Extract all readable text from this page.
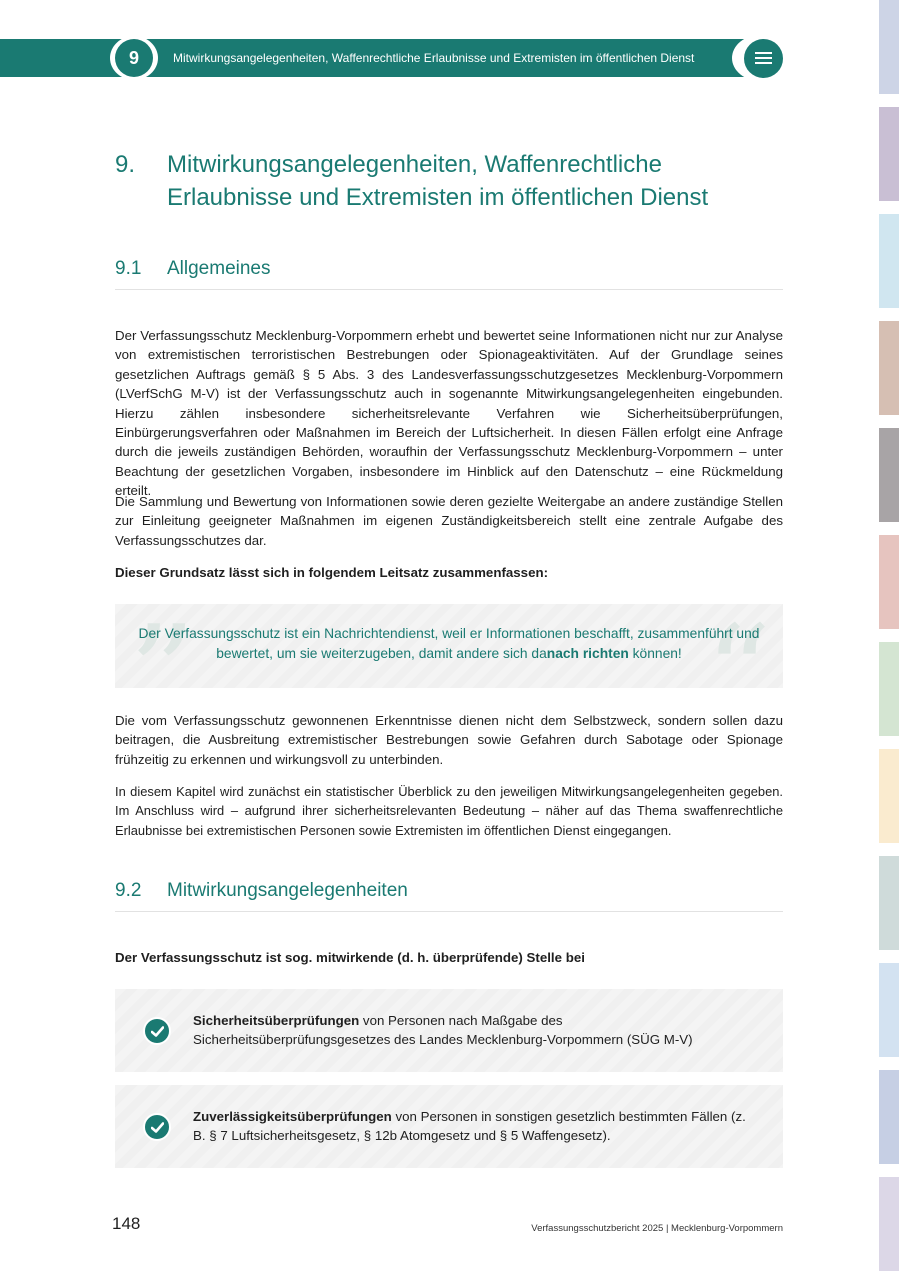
9	Mitwirkungsangelegenheiten, Waffenrechtliche Erlaubnisse und Extremisten im öffentlichen Dienst
9. Mitwirkungsangelegenheiten, Waffenrechtliche Erlaubnisse und Extremisten im öffentlichen Dienst
9.1 Allgemeines
Der Verfassungsschutz Mecklenburg-Vorpommern erhebt und bewertet seine Informationen nicht nur zur Analyse von extremistischen terroristischen Bestrebungen oder Spionageaktivitäten. Auf der Grundlage seines gesetzlichen Auftrags gemäß § 5 Abs. 3 des Landesverfassungsschutzgesetzes Mecklenburg-Vorpommern (LVerfSchG M-V) ist der Verfassungsschutz auch in sogenannte Mitwirkungsangelegenheiten eingebunden. Hierzu zählen insbesondere sicherheitsrelevante Verfahren wie Sicherheitsüberprüfungen, Einbürgerungsverfahren oder Maßnahmen im Bereich der Luftsicherheit. In diesen Fällen erfolgt eine Anfrage durch die jeweils zuständigen Behörden, woraufhin der Verfassungsschutz Mecklenburg-Vorpommern – unter Beachtung der gesetzlichen Vorgaben, insbesondere im Hinblick auf den Datenschutz – eine Rückmeldung erteilt.
Die Sammlung und Bewertung von Informationen sowie deren gezielte Weitergabe an andere zuständige Stellen zur Einleitung geeigneter Maßnahmen im eigenen Zuständigkeitsbereich stellt eine zentrale Aufgabe des Verfassungsschutzes dar.
Dieser Grundsatz lässt sich in folgendem Leitsatz zusammenfassen:
”	“
Der Verfassungsschutz ist ein Nachrichtendienst, weil er Informationen beschafft, zusammenführt und bewertet, um sie weiterzugeben, damit andere sich danach richten können!
Die vom Verfassungsschutz gewonnenen Erkenntnisse dienen nicht dem Selbstzweck, sondern sollen dazu beitragen, die Ausbreitung extremistischer Bestrebungen sowie Gefahren durch Sabotage oder Spionage frühzeitig zu erkennen und wirkungsvoll zu unterbinden.
In diesem Kapitel wird zunächst ein statistischer Überblick zu den jeweiligen Mitwirkungsangelegenheiten gegeben. Im Anschluss wird – aufgrund ihrer sicherheitsrelevanten Bedeutung – näher auf das Thema swaffenrechtliche Erlaubnisse bei extremistischen Personen sowie Extremisten im öffentlichen Dienst eingegangen.
9.2 Mitwirkungsangelegenheiten
Der Verfassungsschutz ist sog. mitwirkende (d. h. überprüfende) Stelle bei
Sicherheitsüberprüfungen von Personen nach Maßgabe des Sicherheitsüberprüfungsgesetzes des Landes Mecklenburg-Vorpommern (SÜG M-V)
Zuverlässigkeitsüberprüfungen von Personen in sonstigen gesetzlich bestimmten Fällen (z. B. § 7 Luftsicherheitsgesetz, § 12b Atomgesetz und § 5 Waffengesetz).
148	Verfassungsschutzbericht 2025 | Mecklenburg-Vorpommern
